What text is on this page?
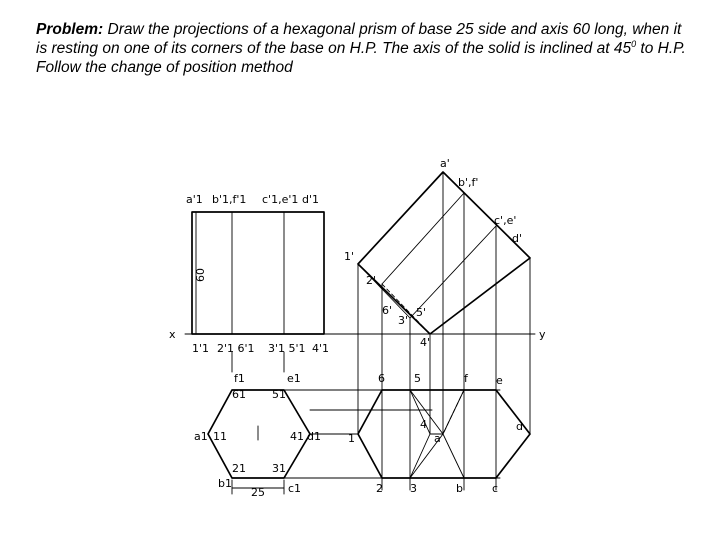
Problem: Draw the projections of a hexagonal prism of base 25 side and axis 60 long, when it is resting on one of its corners of the base on H.P. The axis of the solid is inclined at $45^0$ to H.P. Follow the change of position method
x	y
60
a'1 b'1,f'1 c'1,e'1 d'1
1'1 2'1 6'1 3'1 5'1 4'1
25
f1
61
e1
51
a1 11	41 d1
21 31
b1	c1
a'
b',f'
c',e'
d'
1'
2'
6'
3'
5'
4'
6	5	f	e
1
4
a
d
2 3	b	c
